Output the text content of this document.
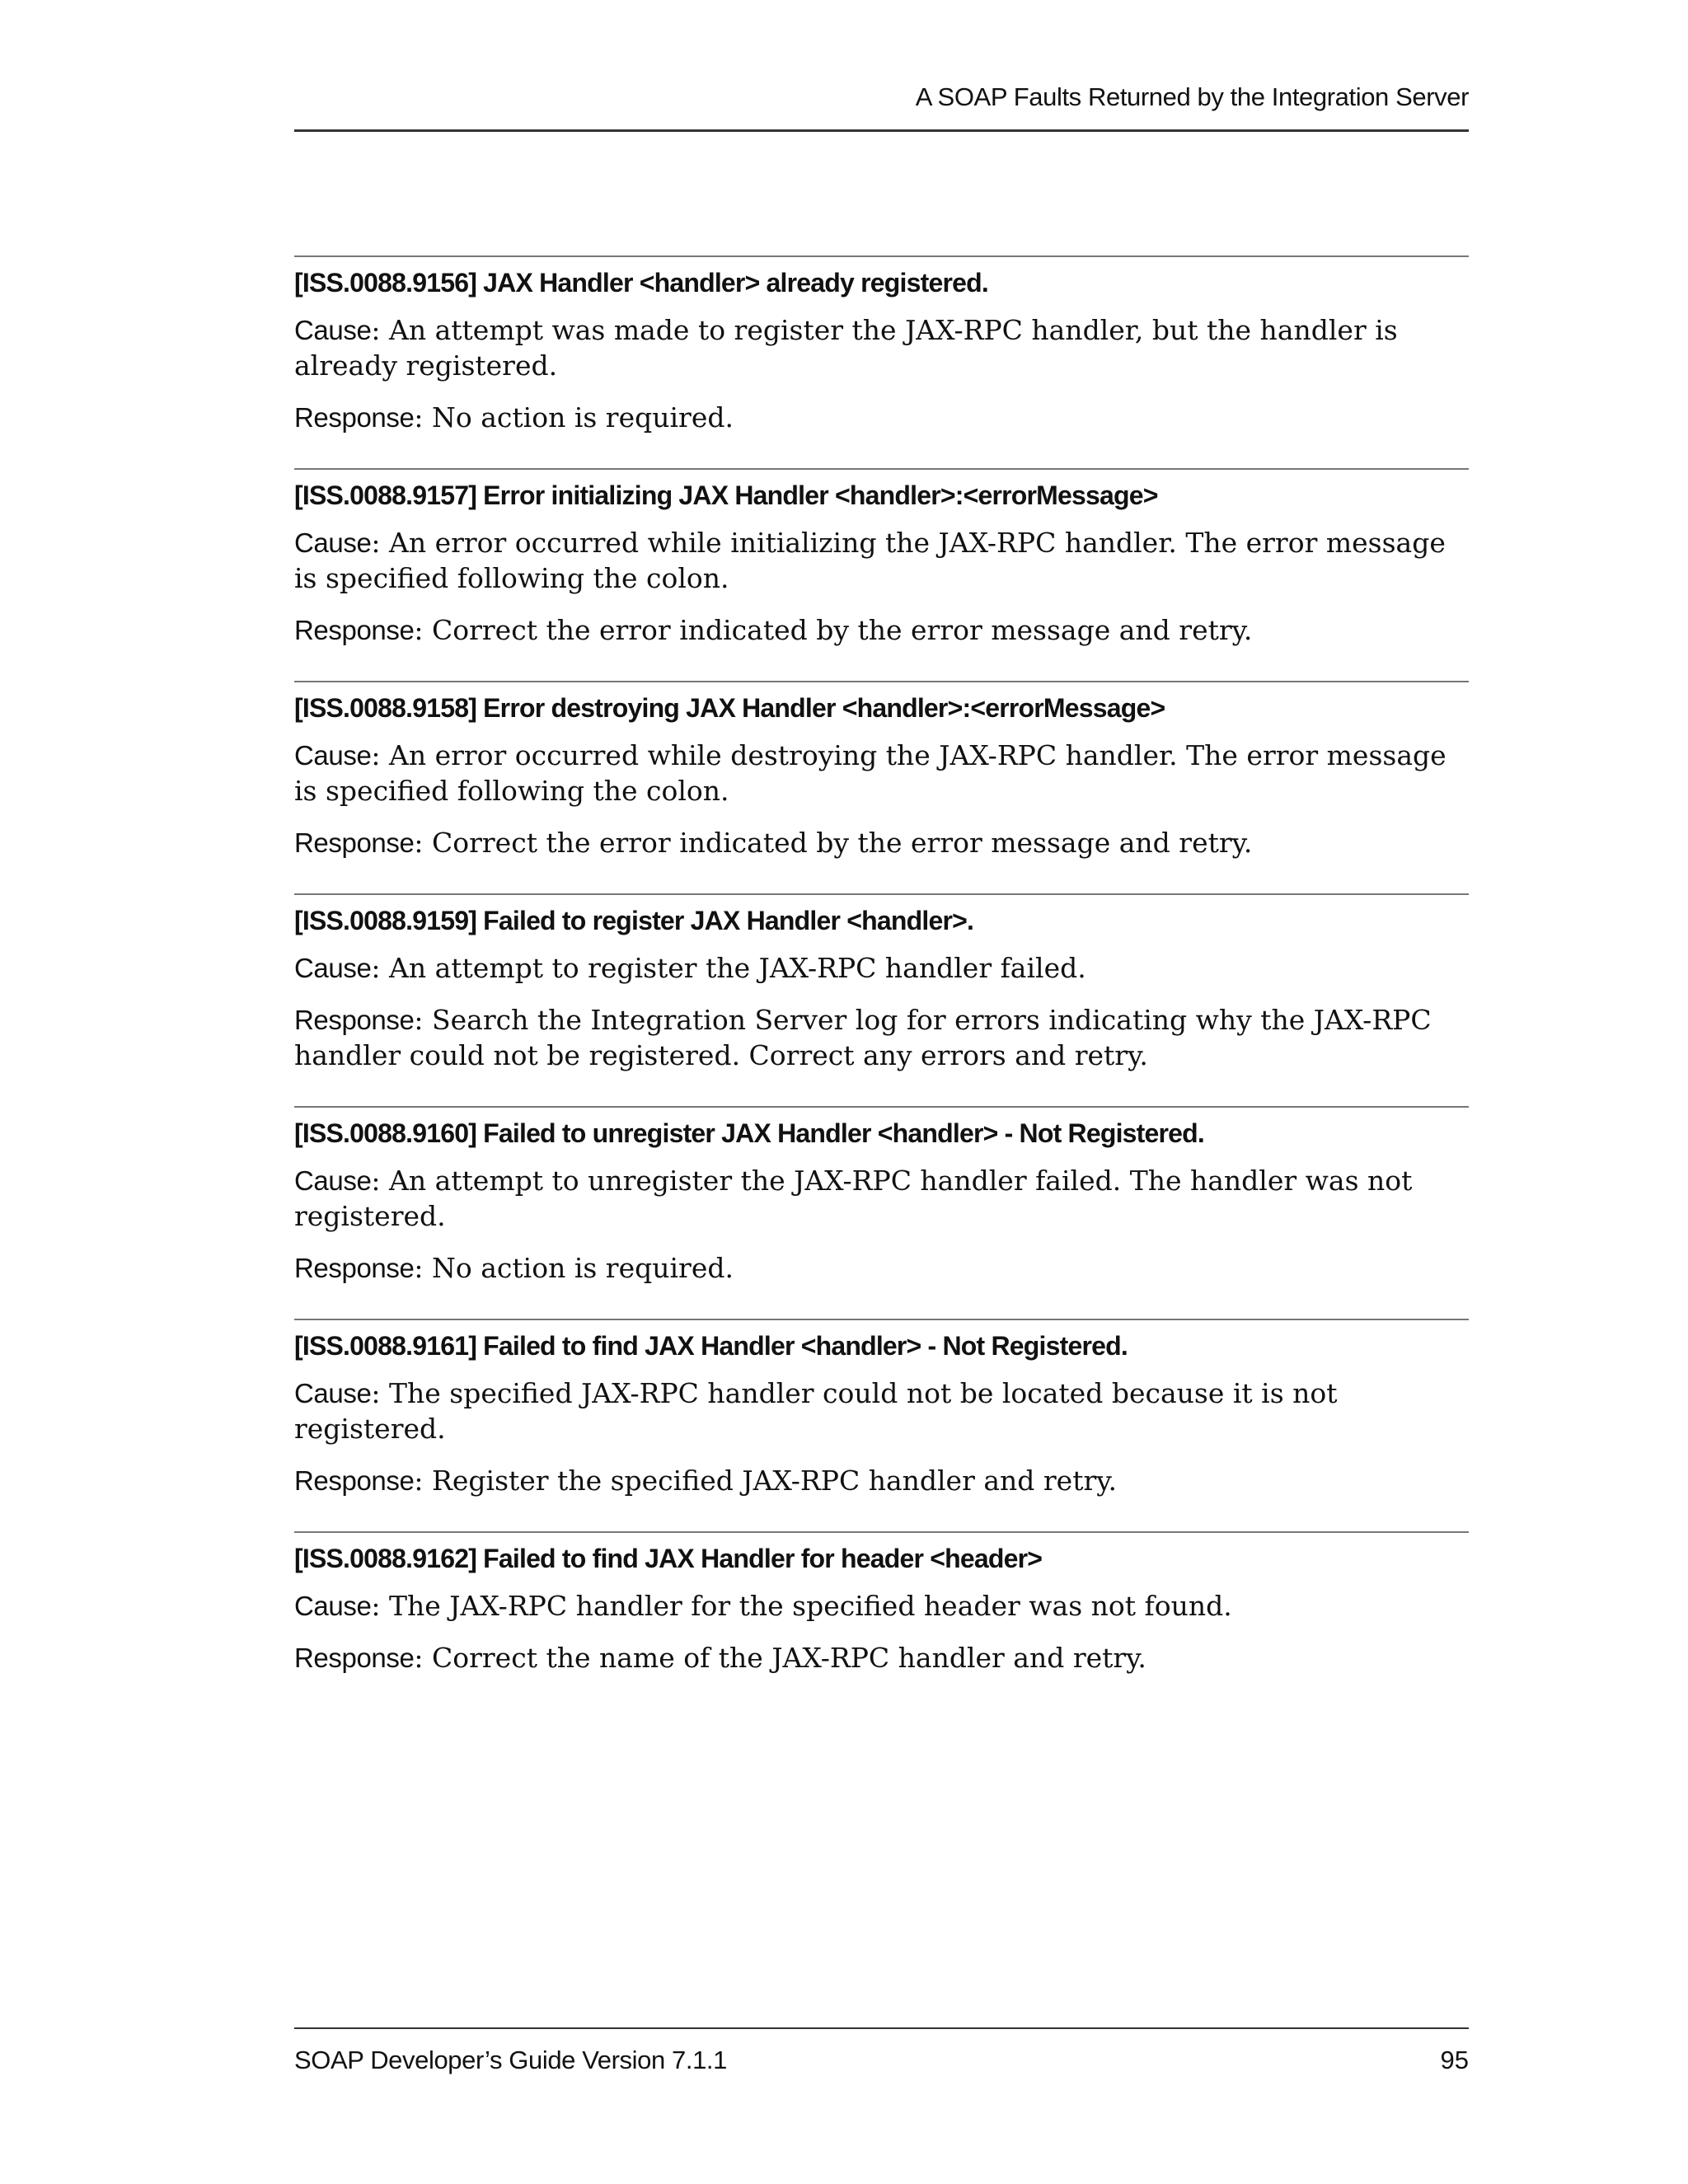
A SOAP Faults Returned by the Integration Server
[ISS.0088.9156] JAX Handler <handler> already registered.

Cause: An attempt was made to register the JAX-RPC handler, but the handler is already registered.

Response: No action is required.

[ISS.0088.9157] Error initializing JAX Handler <handler>:<errorMessage>

Cause: An error occurred while initializing the JAX-RPC handler. The error message is specified following the colon.

Response: Correct the error indicated by the error message and retry.

[ISS.0088.9158] Error destroying JAX Handler <handler>:<errorMessage>

Cause: An error occurred while destroying the JAX-RPC handler. The error message is specified following the colon.

Response: Correct the error indicated by the error message and retry.

[ISS.0088.9159] Failed to register JAX Handler <handler>.

Cause: An attempt to register the JAX-RPC handler failed.

Response: Search the Integration Server log for errors indicating why the JAX-RPC handler could not be registered. Correct any errors and retry.

[ISS.0088.9160] Failed to unregister JAX Handler <handler> - Not Registered.

Cause: An attempt to unregister the JAX-RPC handler failed. The handler was not registered.

Response: No action is required.

[ISS.0088.9161] Failed to find JAX Handler <handler> - Not Registered.

Cause: The specified JAX-RPC handler could not be located because it is not registered.

Response: Register the specified JAX-RPC handler and retry.

[ISS.0088.9162] Failed to find JAX Handler for header <header>

Cause: The JAX-RPC handler for the specified header was not found.

Response: Correct the name of the JAX-RPC handler and retry.

SOAP Developer’s Guide Version 7.1.1	95
